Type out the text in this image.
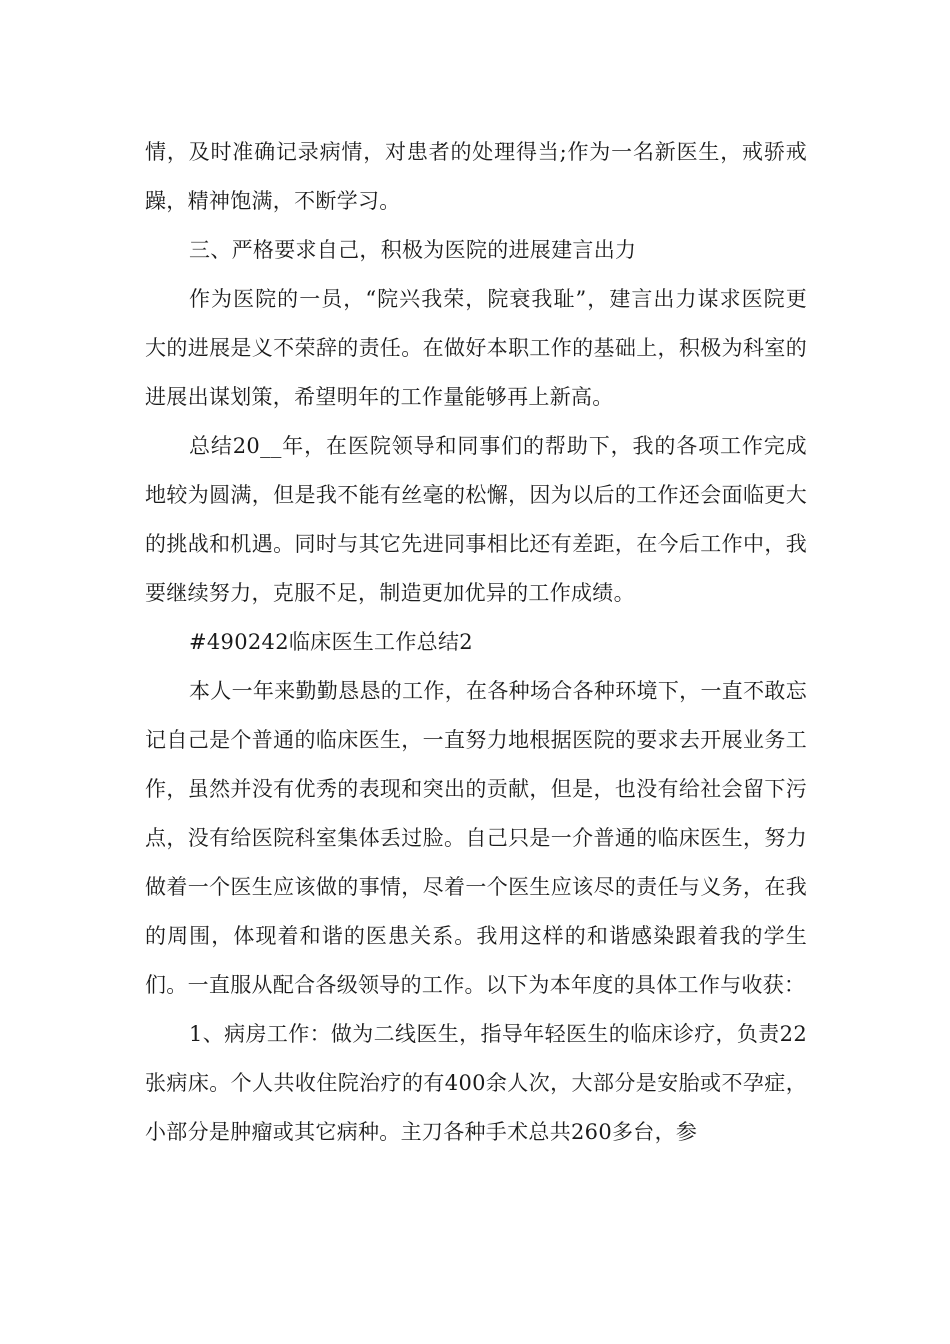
情，及时准确记录病情，对患者的处理得当;作为一名新医生，戒骄戒躁，精神饱满，不断学习。

三、严格要求自己，积极为医院的进展建言出力

作为医院的一员，“院兴我荣，院衰我耻”，建言出力谋求医院更大的进展是义不荣辞的责任。在做好本职工作的基础上，积极为科室的进展出谋划策，希望明年的工作量能够再上新高。

总结20__年，在医院领导和同事们的帮助下，我的各项工作完成地较为圆满，但是我不能有丝毫的松懈，因为以后的工作还会面临更大的挑战和机遇。同时与其它先进同事相比还有差距，在今后工作中，我要继续努力，克服不足，制造更加优异的工作成绩。

#490242临床医生工作总结2

本人一年来勤勤恳恳的工作，在各种场合各种环境下，一直不敢忘记自己是个普通的临床医生，一直努力地根据医院的要求去开展业务工作，虽然并没有优秀的表现和突出的贡献，但是，也没有给社会留下污点，没有给医院科室集体丢过脸。自己只是一介普通的临床医生，努力做着一个医生应该做的事情，尽着一个医生应该尽的责任与义务，在我的周围，体现着和谐的医患关系。我用这样的和谐感染跟着我的学生们。一直服从配合各级领导的工作。以下为本年度的具体工作与收获：

1、病房工作：做为二线医生，指导年轻医生的临床诊疗，负责22张病床。个人共收住院治疗的有400余人次，大部分是安胎或不孕症，小部分是肿瘤或其它病种。主刀各种手术总共260多台，参
